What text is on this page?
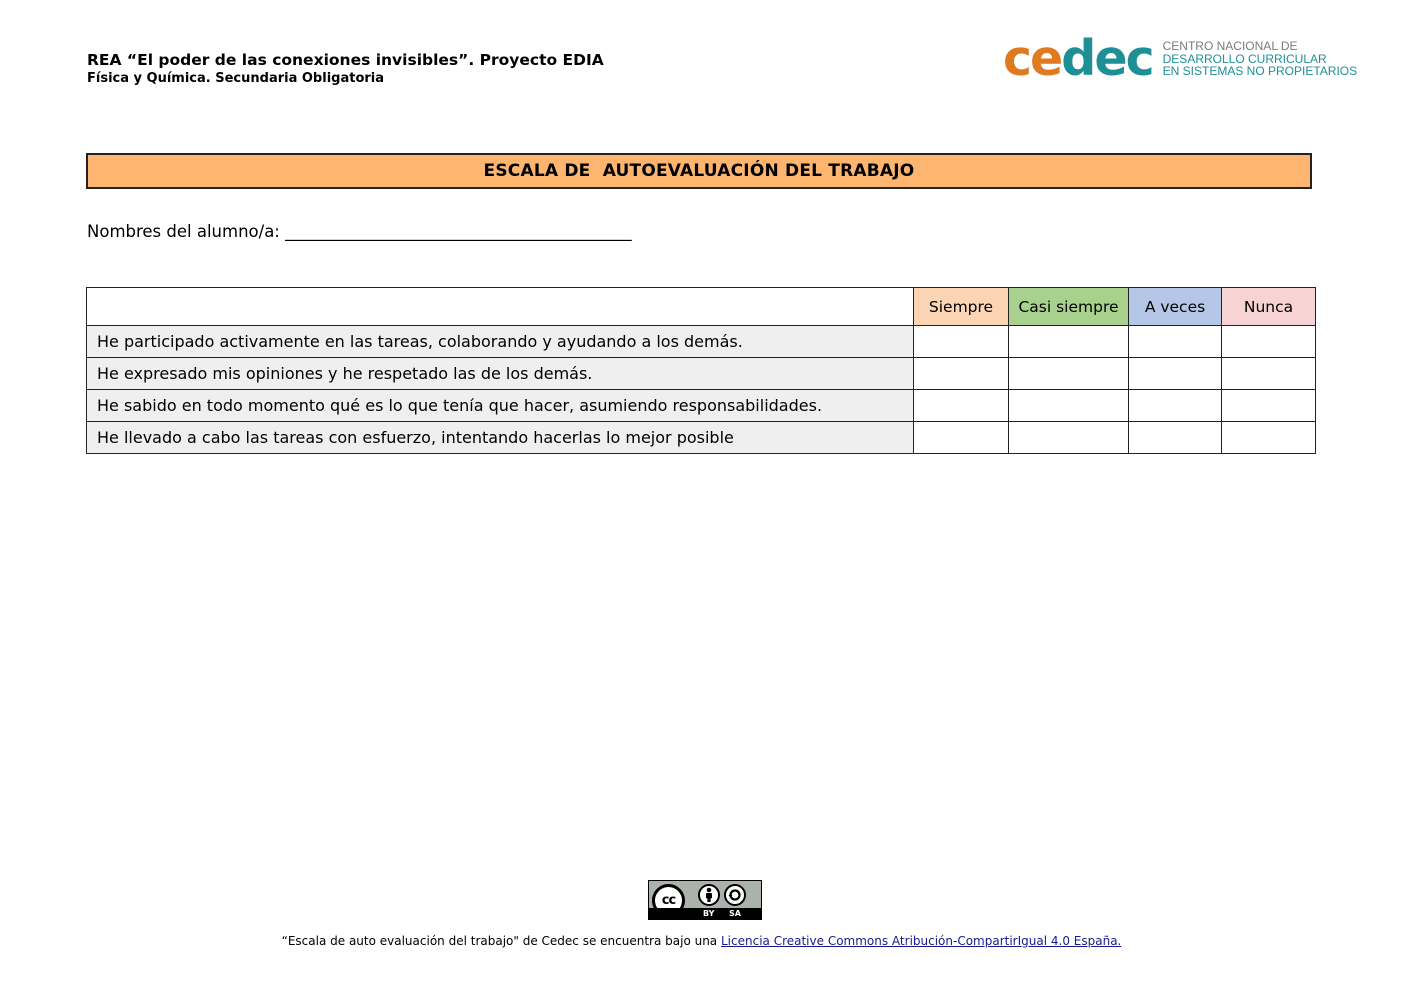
REA “El poder de las conexiones invisibles”. Proyecto EDIA
Física y Química. Secundaria Obligatoria	cedec CENTRO NACIONAL DE
DESARROLLO CURRICULAR
EN SISTEMAS NO PROPIETARIOS
ESCALA DE  AUTOEVALUACIÓN DEL TRABAJO
Nombres del alumno/a: __________________________________________
	Siempre	Casi siempre	A veces	Nunca
He participado activamente en las tareas, colaborando y ayudando a los demás.				
He expresado mis opiniones y he respetado las de los demás.				
He sabido en todo momento qué es lo que tenía que hacer, asumiendo responsabilidades.				
He llevado a cabo las tareas con esfuerzo, intentando hacerlas lo mejor posible				
cc
BY SA
“Escala de auto evaluación del trabajo" de Cedec se encuentra bajo una Licencia Creative Commons Atribución-CompartirIgual 4.0 España.
